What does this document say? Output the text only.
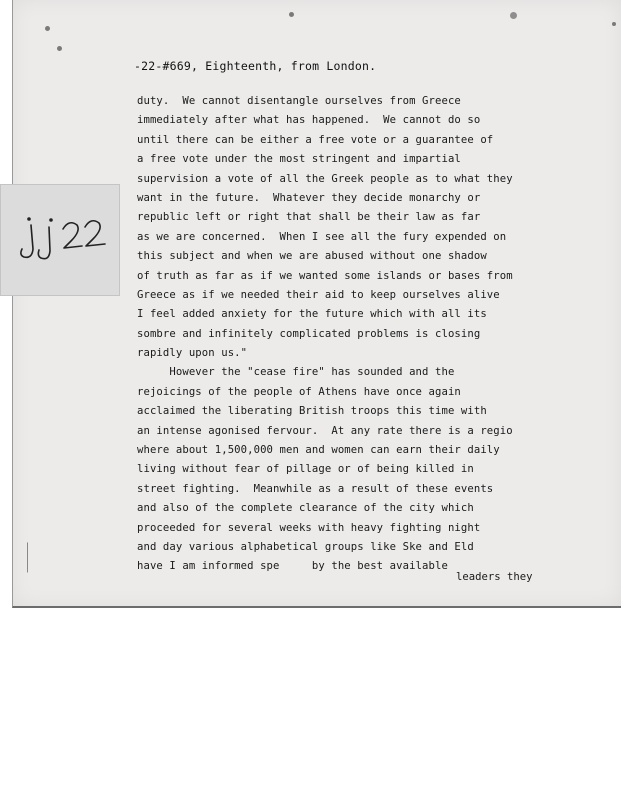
-22-#669, Eighteenth, from London.
duty.  We cannot disentangle ourselves from Greece
immediately after what has happened.  We cannot do so
until there can be either a free vote or a guarantee of
a free vote under the most stringent and impartial
supervision a vote of all the Greek people as to what they
want in the future.  Whatever they decide monarchy or
republic left or right that shall be their law as far
as we are concerned.  When I see all the fury expended on
this subject and when we are abused without one shadow
of truth as far as if we wanted some islands or bases from
Greece as if we needed their aid to keep ourselves alive
I feel added anxiety for the future which with all its
sombre and infinitely complicated problems is closing
rapidly upon us."
However the "cease fire" has sounded and the
rejoicings of the people of Athens have once again
acclaimed the liberating British troops this time with
an intense agonised fervour.  At any rate there is a regio
where about 1,500,000 men and women can earn their daily
living without fear of pillage or of being killed in
street fighting.  Meanwhile as a result of these events
and also of the complete clearance of the city which
proceeded for several weeks with heavy fighting night
and day various alphabetical groups like Ske and Eld
have I am informed spe     by the best available
leaders they
